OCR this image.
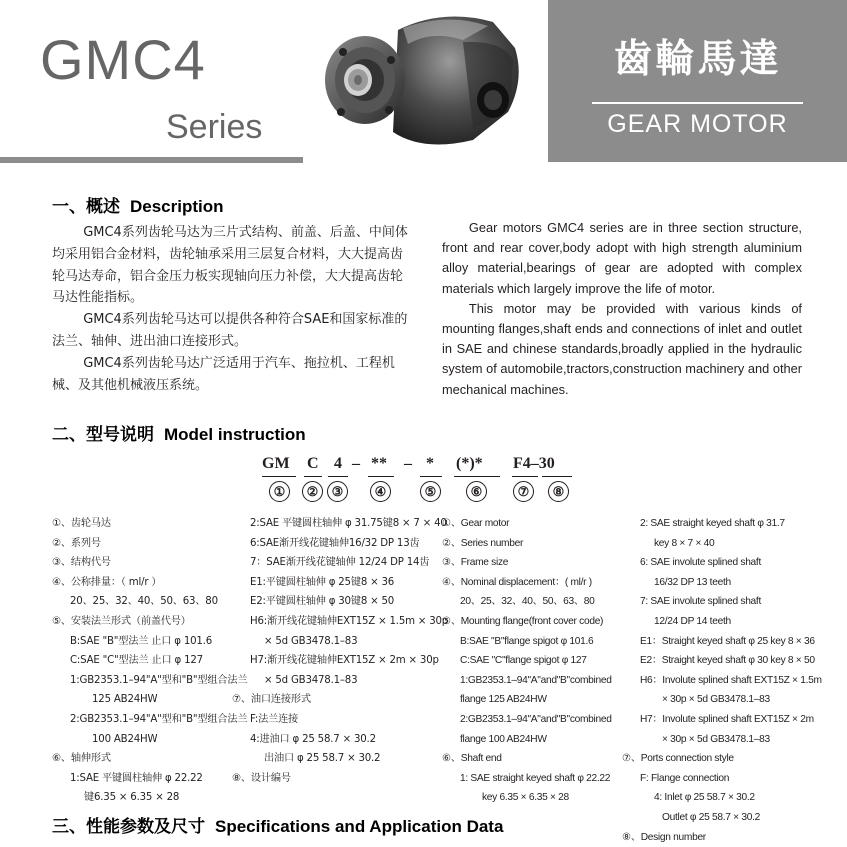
GMC4
Series
齒輪馬達
GEAR MOTOR
一、概述 Description

GMC4系列齿轮马达为三片式结构、前盖、后盖、中间体均采用铝合金材料，齿轮轴承采用三层复合材料，大大提高齿轮马达寿命，铝合金压力板实现轴向压力补偿，大大提高齿轮马达性能指标。

GMC4系列齿轮马达可以提供各种符合SAE和国家标准的法兰、轴伸、进出油口连接形式。

GMC4系列齿轮马达广泛适用于汽车、拖拉机、工程机械、及其他机械液压系统。

Gear motors GMC4 series are in three section structure, front and rear cover,body adopt with high strength aluminium alloy material,bearings of gear are adopted with complex materials which largely improve the life of motor.

This motor may be provided with various kinds of mounting flanges,shaft ends and connections of inlet and outlet in SAE and chinese standards,broadly applied in the hydraulic system of automobile,tractors,construction machinery and other mechanical machines.

二、型号说明 Model instruction
GM C 4 – ** – * (*)* F4–30
①	②	③	④	⑤	⑥	⑦	⑧
①、齿轮马达
②、系列号
③、结构代号
④、公称排量：（ ml/r ）
20、25、32、40、50、63、80
⑤、安装法兰形式（前盖代号）
B:SAE "B"型法兰 止口 φ 101.6
C:SAE "C"型法兰 止口 φ 127
1:GB2353.1–94"A"型和"B"型组合法兰
125 AB24HW
2:GB2353.1–94"A"型和"B"型组合法兰
100 AB24HW
⑥、轴伸形式
1:SAE 平键圆柱轴伸 φ 22.22
键6.35 × 6.35 × 28
2:SAE 平键圆柱轴伸 φ 31.75键8 × 7 × 40
6:SAE渐开线花键轴伸16/32 DP 13齿
7：SAE渐开线花键轴伸 12/24 DP 14齿
E1:平键圆柱轴伸 φ 25键8 × 36
E2:平键圆柱轴伸 φ 30键8 × 50
H6:渐开线花键轴伸EXT15Z × 1.5m × 30p
× 5d GB3478.1–83
H7:渐开线花键轴伸EXT15Z × 2m × 30p
× 5d GB3478.1–83
⑦、油口连接形式
F:法兰连接
4:进油口 φ 25 58.7 × 30.2
出油口 φ 25 58.7 × 30.2
⑧、设计编号
①、Gear motor
②、Series number
③、Frame size
④、Nominal displacement：( ml/r )
20、25、32、40、50、63、80
⑤、Mounting flange(front cover code)
B:SAE "B"flange spigot φ 101.6
C:SAE "C"flange spigot φ 127
1:GB2353.1–94"A"and"B"combined
flange 125 AB24HW
2:GB2353.1–94"A"and"B"combined
flange 100 AB24HW
⑥、Shaft end
1: SAE straight keyed shaft φ 22.22
key 6.35 × 6.35 × 28
2: SAE straight keyed shaft φ 31.7
key 8 × 7 × 40
6: SAE involute splined shaft
16/32 DP 13 teeth
7: SAE involute splined shaft
12/24 DP 14 teeth
E1：Straight keyed shaft φ 25 key 8 × 36
E2：Straight keyed shaft φ 30 key 8 × 50
H6：Involute splined shaft EXT15Z × 1.5m
× 30p × 5d GB3478.1–83
H7：Involute splined shaft EXT15Z × 2m
× 30p × 5d GB3478.1–83
⑦、Ports connection style
F: Flange connection
4: Inlet φ 25 58.7 × 30.2
Outlet φ 25 58.7 × 30.2
⑧、Design number
三、性能参数及尺寸 Specifications and Application Data
